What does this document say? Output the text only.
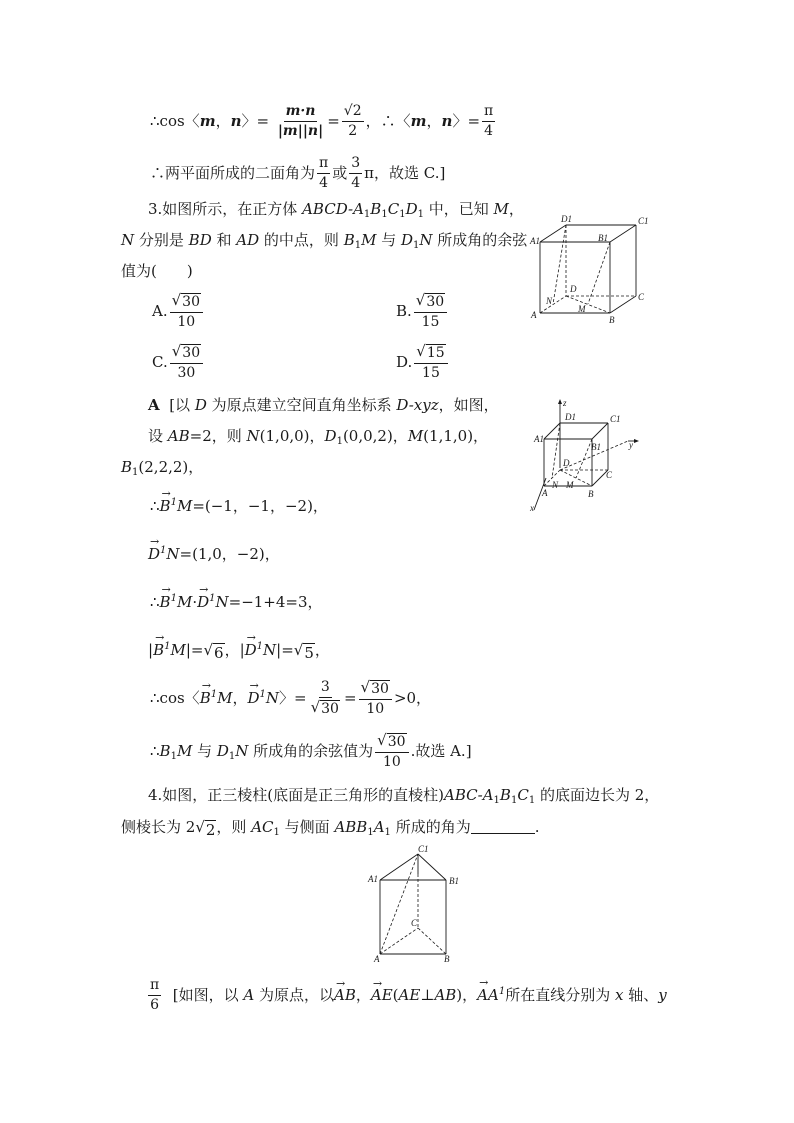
∴cos〈m，n〉= $\frac{m\cdot n}{|m||n|} = \frac{√2}{2}$ ，∴〈m，n〉= $\frac{\pi}{4}$
∴两平面所成的二面角为 $\frac{\pi}{4}$ 或 $\frac{3}{4}$ π，故选 C.]
3.如图所示，在正方体 ABCD-$A_1B_1C_1D_1$ 中，已知 M，
N 分别是 BD 和 AD 的中点，则 $B_1M$ 与 $D_1N$ 所成角的余弦
值为(　　)
A. $\frac{√ 30}{10}$	B. $\frac{√ 30}{15}$
C. $\frac{√ 30}{30}$	D. $\frac{√ 15}{15}$
D1	C1
A1	B1
D
N	C
A
M
B
A [以 D 为原点建立空间直角坐标系 D-xyz，如图，
设 AB=2，则 N(1,0,0)，$D_1(0,0,2)$，M(1,1,0)，
$B_1(2,2,2)$，
∴→ $B^1M=(-1$，−1，−2)，
→ $D^1N=(1,0$，−2)，
∴→ $B^1M\cdot\to D^1N=-1+4=3$，
|→ $B^1M|=$ √ 6 ，|→ $D^1N|=$ √ 5 ，
∴cos〈→ $B^1M$，→ $D^1N$〉= $\frac{3}{√ 30} = \frac{√ 30}{10} >0$，
$\therefore B_1M$ 与 $D_1N$ 所成角的余弦值为 $\frac{√ 30}{10}$ .故选 A.]
z
D1	C1
A1
B1
D
y
C
A
N M
B
x
4.如图，正三棱柱(底面是正三角形的直棱柱)$ABC-A_1B_1C_1$ 的底面边长为 2，
侧棱长为 2 √ 2 ，则 $AC_1$ 与侧面 $ABB_1A_1$ 所成的角为	.
C1
A1	B1
C
A	B
$\frac{\pi}{6}$ [如图，以 A 为原点，以→ AB，→ AE(AE⊥AB)，→ $AA^1$所在直线分别为 x 轴、y
